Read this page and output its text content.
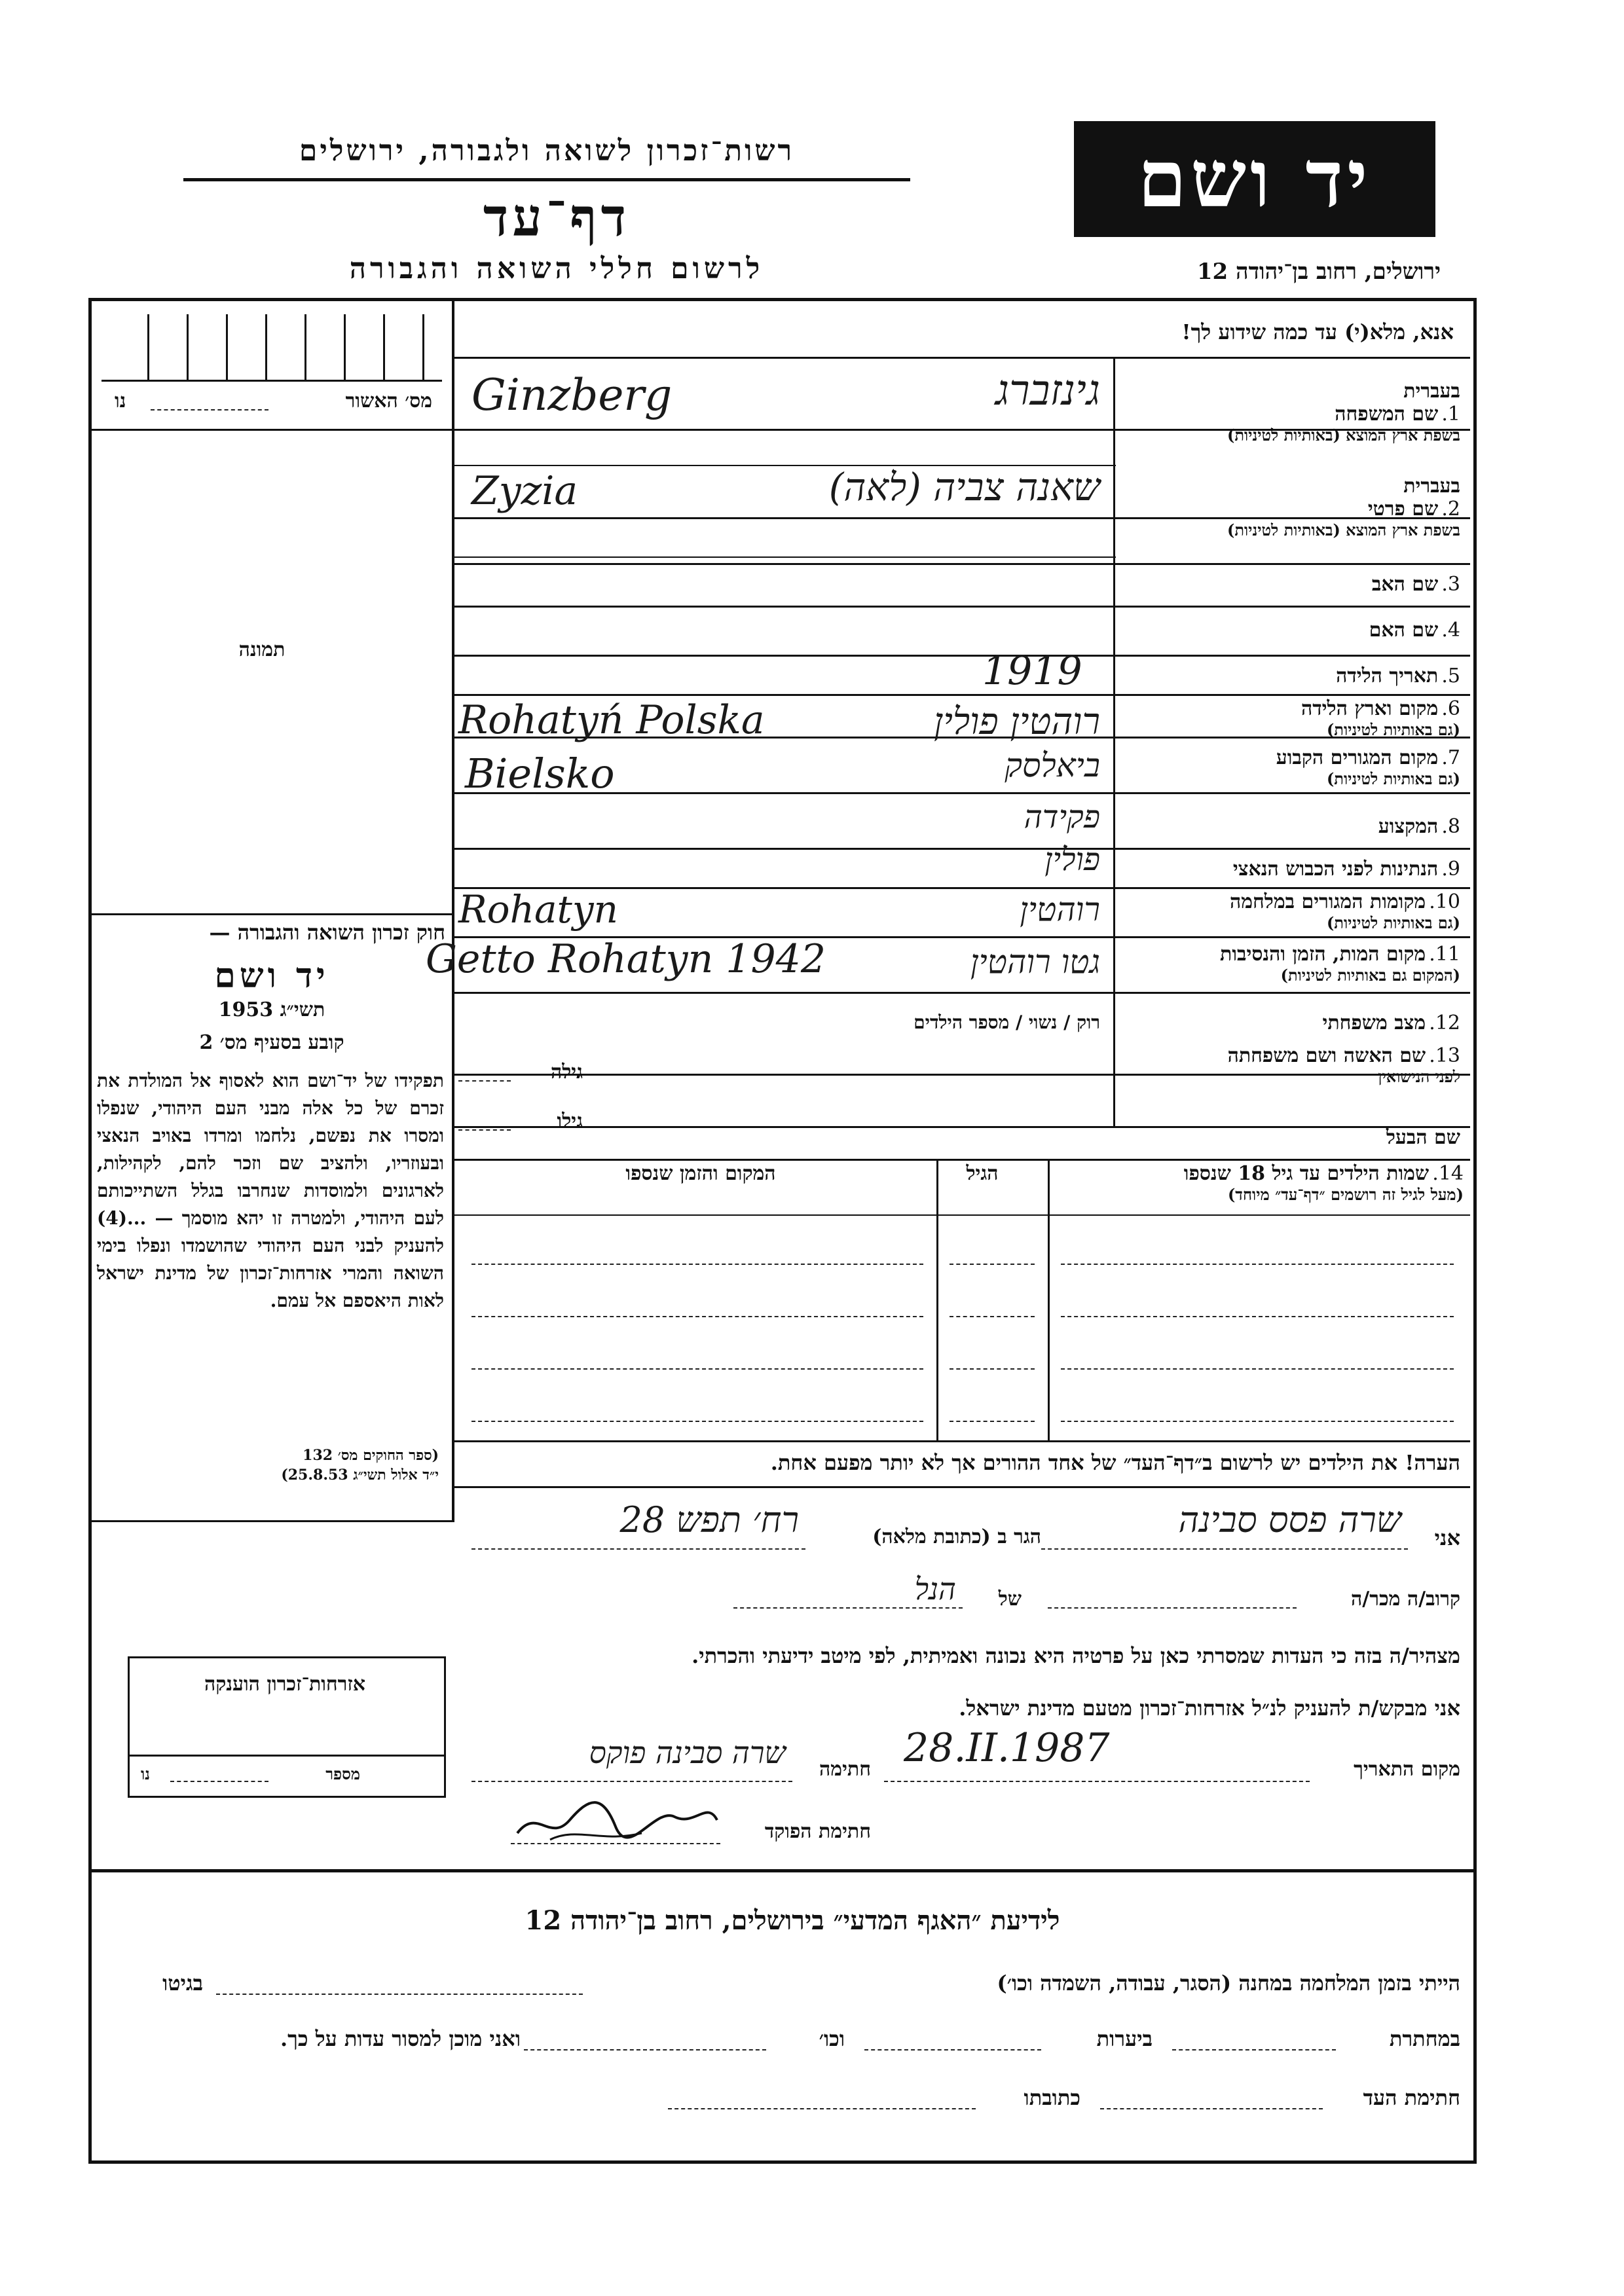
יד ושם
רשות־זכרון לשואה ולגבורה, ירושלים
דף־עד
לרשום חללי השואה והגבורה	ירושלים, רחוב בן־יהודה 12
מס׳ האשור
נו
תמונה
חוק זכרון השואה והגבורה —
יד ושם
תשי״ג 1953
קובע בסעיף מס׳ 2
תפקידו של יד־ושם הוא לאסוף אל המולדת את זכרם של כל אלה מבני העם היהודי, שנפלו ומסרו את נפשם, נלחמו ומרדו באויב הנאצי ובעוזריו, ולהציב שם וזכר להם, לקהילות, לארגונים ולמוסדות שנחרבו בגלל השתייכותם לעם היהודי, ולמטרה זו יהא מוסמך — ...(4) להעניק לבני העם היהודי שהושמדו ונפלו בימי השואה והמרי אזרחות־זכרון של מדינת ישראל לאות היאספם אל עמם.
(ספר החוקים מס׳ 132
י״ד אלול תשי״ג 25.8.53)
אזרחות־זכרון הוענקה
מספר
נו
אנא, מלא(י) עד כמה שידוע לך!
בעברית
1. שם המשפחה
בשפת ארץ המוצא (באותיות לטיניות)
גינזברג
Ginzberg
בעברית
2. שם פרטי
בשפת ארץ המוצא (באותיות לטיניות)
שאנה צביה (לאה)
Zyzia
3. שם האב
4. שם האם
5. תאריך הלידה
1919
6. מקום וארץ הלידה
(גם באותיות לטיניות)
רוהטין פולין
Rohatyń Polska
7. מקום המגורים הקבוע
(גם באותיות לטיניות)
ביאלסק
Bielsko
8. המקצוע
פקידה
9. הנתינות לפני הכבוש הנאצי
פולין
10. מקומות המגורים במלחמה
(גם באותיות לטיניות)
רוהטין
Rohatyn
11. מקום המות, הזמן והנסיבות
(המקום גם באותיות לטיניות)
גטו רוהטין
Getto Rohatyn 1942
12. מצב משפחתי
רוק / נשוי / מספר הילדים
13. שם האשה ושם משפחתה
לפני הנישואין
גילה
שם הבעל
גילו
14. שמות הילדים עד גיל 18 שנספו
(מעל לגיל זה רושמים ״דף־עד״ מיוחד)
הגיל
המקום והזמן שנספו
הערה! את הילדים יש לרשום ב״דף־העד״ של אחד ההורים אך לא יותר מפעם אחת.
אני
שרה פסס סבינה
הגר ב (כתובת מלאה)
רח׳ תפש 28
קרוב/ה מכר/ה
של
הנל
מצהיר/ה בזה כי העדות שמסרתי כאן על פרטיה היא נכונה ואמיתית, לפי מיטב ידיעתי והכרתי.
אני מבקש/ת להעניק לנ״ל אזרחות־זכרון מטעם מדינת ישראל.
מקום התאריך
28.II.1987
חתימה
שרה סבינה פוקס
חתימת הפוקד
לידיעת ״האגף המדעי״ בירושלים, רחוב בן־יהודה 12
הייתי בזמן המלחמה במחנה (הסגר, עבודה, השמדה וכו׳)
בגיטו
במחתרת
ביערות
וכו׳
ואני מוכן למסור עדות על כך.
חתימת העד
כתובתו
